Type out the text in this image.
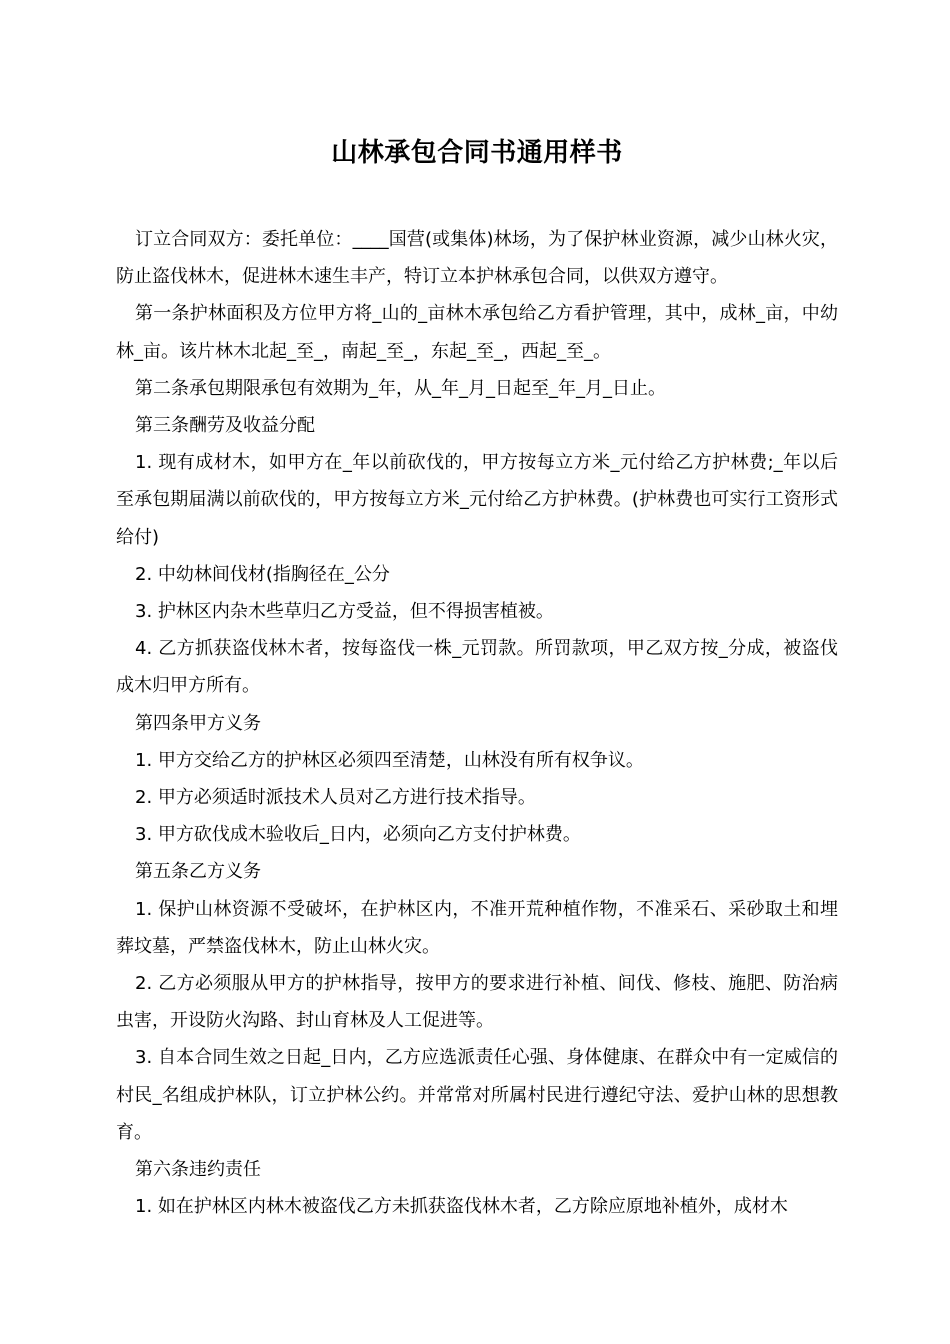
山林承包合同书通用样书

订立合同双方：委托单位：____国营(或集体)林场，为了保护林业资源，减少山林火灾，防止盗伐林木，促进林木速生丰产，特订立本护林承包合同，以供双方遵守。

第一条护林面积及方位甲方将_山的_亩林木承包给乙方看护管理，其中，成林_亩，中幼林_亩。该片林木北起_至_，南起_至_，东起_至_，西起_至_。

第二条承包期限承包有效期为_年，从_年_月_日起至_年_月_日止。

第三条酬劳及收益分配

1. 现有成材木，如甲方在_年以前砍伐的，甲方按每立方米_元付给乙方护林费;_年以后至承包期届满以前砍伐的，甲方按每立方米_元付给乙方护林费。(护林费也可实行工资形式给付)

2. 中幼林间伐材(指胸径在_公分

3. 护林区内杂木些草归乙方受益，但不得损害植被。

4. 乙方抓获盗伐林木者，按每盗伐一株_元罚款。所罚款项，甲乙双方按_分成，被盗伐成木归甲方所有。

第四条甲方义务

1. 甲方交给乙方的护林区必须四至清楚，山林没有所有权争议。

2. 甲方必须适时派技术人员对乙方进行技术指导。

3. 甲方砍伐成木验收后_日内，必须向乙方支付护林费。

第五条乙方义务

1. 保护山林资源不受破坏，在护林区内，不准开荒种植作物，不准采石、采砂取土和埋葬坟墓，严禁盗伐林木，防止山林火灾。

2. 乙方必须服从甲方的护林指导，按甲方的要求进行补植、间伐、修枝、施肥、防治病虫害，开设防火沟路、封山育林及人工促进等。

3. 自本合同生效之日起_日内，乙方应选派责任心强、身体健康、在群众中有一定威信的村民_名组成护林队，订立护林公约。并常常对所属村民进行遵纪守法、爱护山林的思想教育。

第六条违约责任

1. 如在护林区内林木被盗伐乙方未抓获盗伐林木者，乙方除应原地补植外，成材木
